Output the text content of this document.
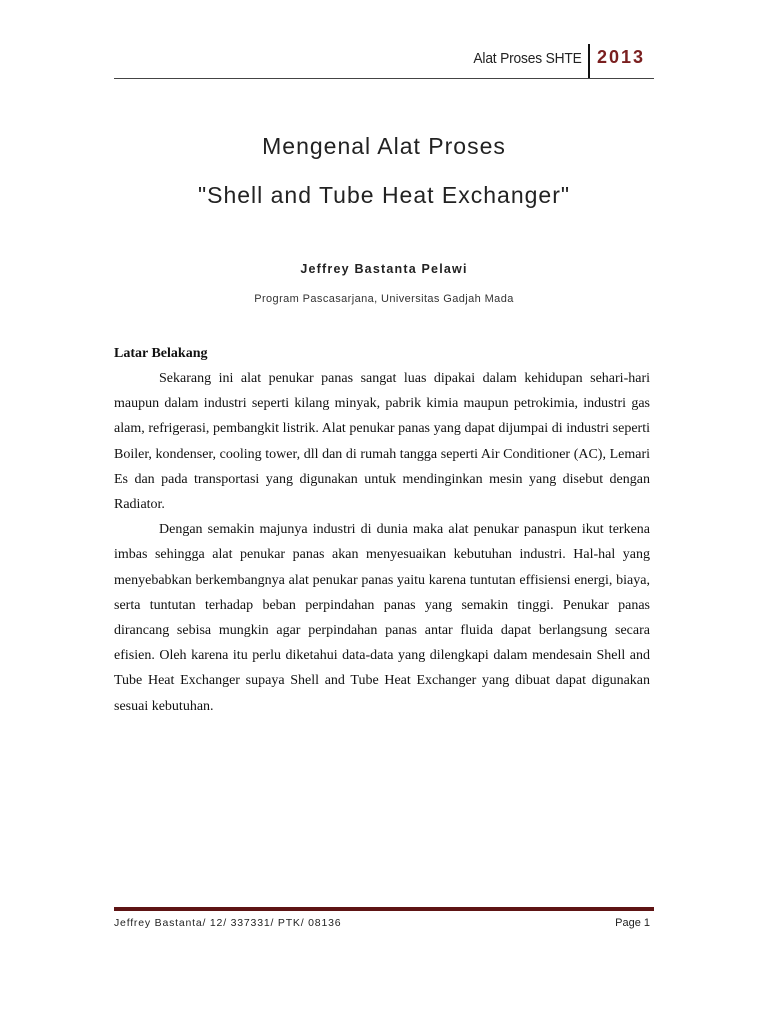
Alat Proses SHTE 2013
Mengenal Alat Proses
"Shell and Tube Heat Exchanger"
Jeffrey Bastanta Pelawi
Program Pascasarjana, Universitas Gadjah Mada
Latar Belakang

Sekarang ini alat penukar panas sangat luas dipakai dalam kehidupan sehari-hari maupun dalam industri seperti kilang minyak, pabrik kimia maupun petrokimia, industri gas alam, refrigerasi, pembangkit listrik. Alat penukar panas yang dapat dijumpai di industri seperti Boiler, kondenser, cooling tower, dll dan di rumah tangga seperti Air Conditioner (AC), Lemari Es dan pada transportasi yang digunakan untuk mendinginkan mesin yang disebut dengan Radiator.

Dengan semakin majunya industri di dunia maka alat penukar panaspun ikut terkena imbas sehingga alat penukar panas akan menyesuaikan kebutuhan industri. Hal-hal yang menyebabkan berkembangnya alat penukar panas yaitu karena tuntutan effisiensi energi, biaya, serta tuntutan terhadap beban perpindahan panas yang semakin tinggi. Penukar panas dirancang sebisa mungkin agar perpindahan panas antar fluida dapat berlangsung secara efisien. Oleh karena itu perlu diketahui data-data yang dilengkapi dalam mendesain Shell and Tube Heat Exchanger supaya Shell and Tube Heat Exchanger yang dibuat dapat digunakan sesuai kebutuhan.

Jeffrey Bastanta/ 12/ 337331/ PTK/ 08136	Page 1
